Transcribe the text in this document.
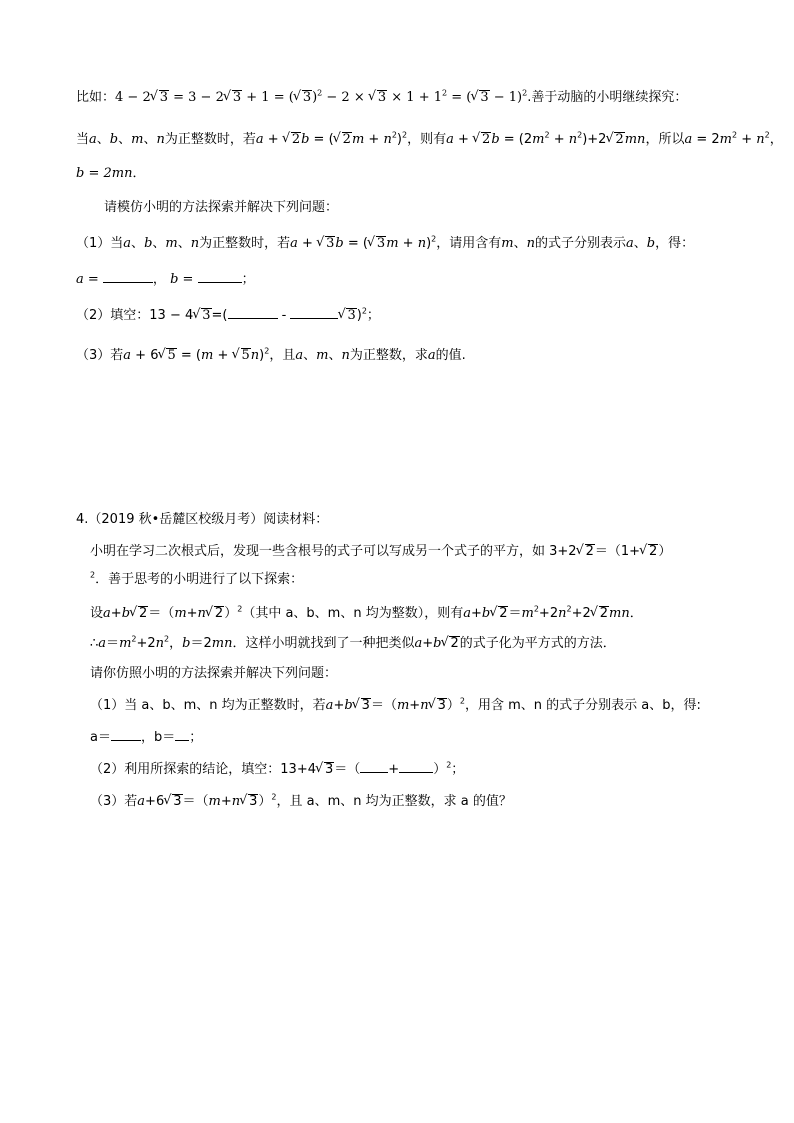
比如：4 − 2√ 3 = 3 − 2√ 3 + 1 = (√ 3)$^2$ − 2 × √ $3 \times 1 + 1^2$ = (√ 3 − 1)$^2$.善于动脑的小明继续探究：
当a、b、m、n为正整数时，若a + √ 2b = (√ $2m + n^2)^2$，则有a + √ $2b = (2m^2 + n^2)+2√$ 2mn，所以$a = 2m^2 + n^2$，
b = 2mn．
请模仿小明的方法探索并解决下列问题：
（1）当a、b、m、n为正整数时，若a + √ 3b = (√ 3m + n)$^2$，请用含有m、n的式子分别表示a、b，得：
a =	， b =	；
（2）填空：13 − 4√ 3=(	- √	3)$^2$；
（3）若a + 6√ 5 = (m + √ 5n)$^2$，且a、m、n为正整数，求a的值.
4.（2019 秋•岳麓区校级月考）阅读材料：
小明在学习二次根式后，发现一些含根号的式子可以写成另一个式子的平方，如 3+2√ 2＝（1+√ 2）
$^2$．善于思考的小明进行了以下探索：
设a+b√ 2＝（m+n√ 2）$^2$（其中 a、b、m、n 均为整数），则有a+b√ $2=m^2+2n^2+2√$ 2mn．
$\therefore a=m^2+2n^2$，b＝2mn．这样小明就找到了一种把类似a+b√ 2的式子化为平方式的方法．
请你仿照小明的方法探索并解决下列问题：
（1）当 a、b、m、n 均为正整数时，若a+b√ 3＝（m+n√ 3）$^2$，用含 m、n 的式子分别表示 a、b，得:
a＝ ，b＝ ；
（2）利用所探索的结论，填空：13+4√ 3＝（ +	）$^2$；
（3）若a+6√ 3＝（m+n√ 3）$^2$，且 a、m、n 均为正整数，求 a 的值？
